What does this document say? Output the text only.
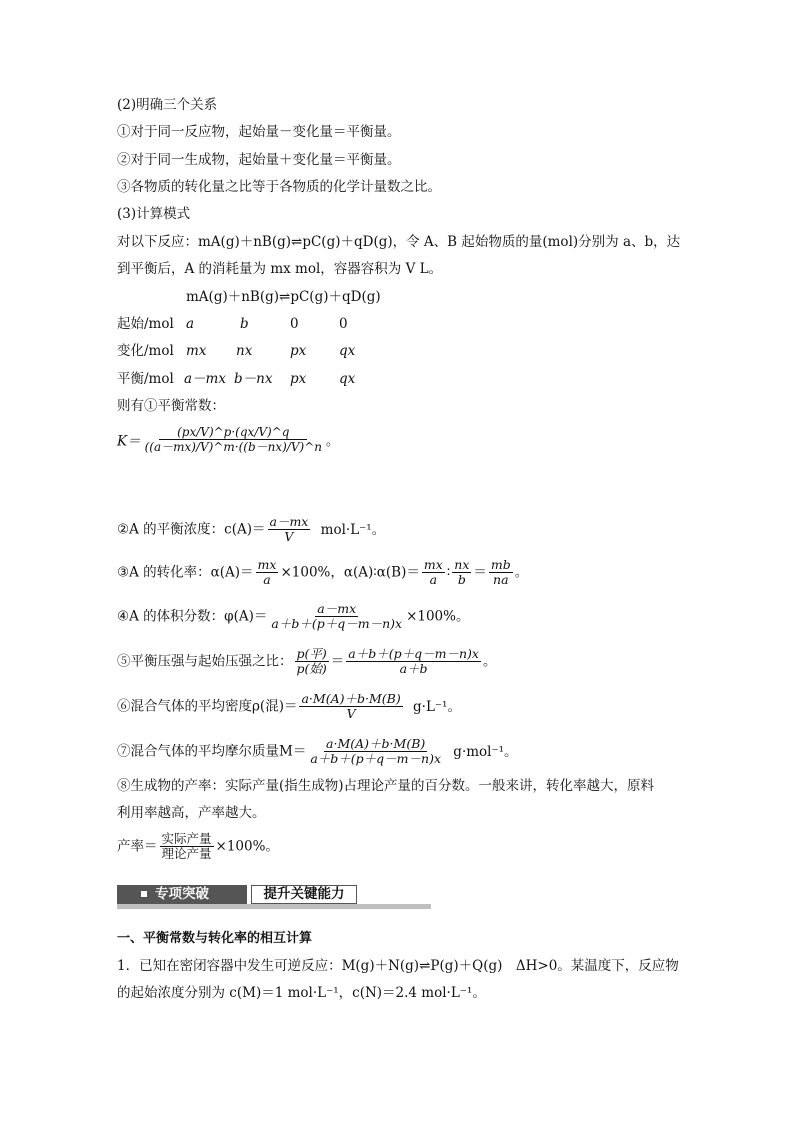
(2)明确三个关系
①对于同一反应物，起始量－变化量＝平衡量。
②对于同一生成物，起始量＋变化量＝平衡量。
③各物质的转化量之比等于各物质的化学计量数之比。
(3)计算模式
对以下反应：mA(g)＋nB(g)⇌pC(g)＋qD(g)，令 A、B 起始物质的量(mol)分别为 a、b，达
到平衡后，A 的消耗量为 mx mol，容器容积为 V L。
mA(g)＋nB(g)⇌pC(g)＋qD(g)
起始/mol a	b	0	0
变化/mol mx nx	px qx
平衡/mol a－mx b－nx px qx
则有①平衡常数：
$K= \frac{(px/V)\^{}p\cdot(qx/V)\^{}q}{((a-mx)/V)\^{}m\cdot((b-nx)/V)\^{}n}$ 。
②A 的平衡浓度：$c(A)= \frac{a-mx}{V} mol\cdot L^{-1}$。
③A 的转化率：$\alpha(A)= \frac{mx}{a} \times 100\%$，α(A)∶α(B)＝ $\frac{mx}{a}$ ∶ $\frac{nx}{b} = \frac{mb}{na}$ 。
④A 的体积分数：$\varphi(A)= \frac{a-mx}{a+b+(p+q-m-n)x} \times 100\%$。
⑤平衡压强与起始压强之比： $\frac{\text{p(平)}}{\text{p(始)}} = \frac{a+b+(p+q-m-n)x}{a+b}$ 。
⑥混合气体的平均密度ρ(混)＝ $\frac{a\cdot M(A)+b\cdot M(B)}{V} g\cdot L^{-1}$。
⑦混合气体的平均摩尔质量$M= \frac{a\cdot M(A)+b\cdot M(B)}{a+b+(p+q-m-n)x} g\cdot mol^{-1}$。
⑧生成物的产率：实际产量(指生成物)占理论产量的百分数。一般来讲，转化率越大，原料
利用率越高，产率越大。
产率＝ $\frac{\text{实际产量}}{\text{理论产量}} \times 100\%$。
专项突破	提升关键能力
一、平衡常数与转化率的相互计算
1．已知在密闭容器中发生可逆反应：M(g)＋N(g)⇌P(g)＋Q(g)　ΔH>0。某温度下，反应物
的起始浓度分别为 c(M)＝1 mol·L⁻¹，c(N)＝2.4 mol·L⁻¹。
